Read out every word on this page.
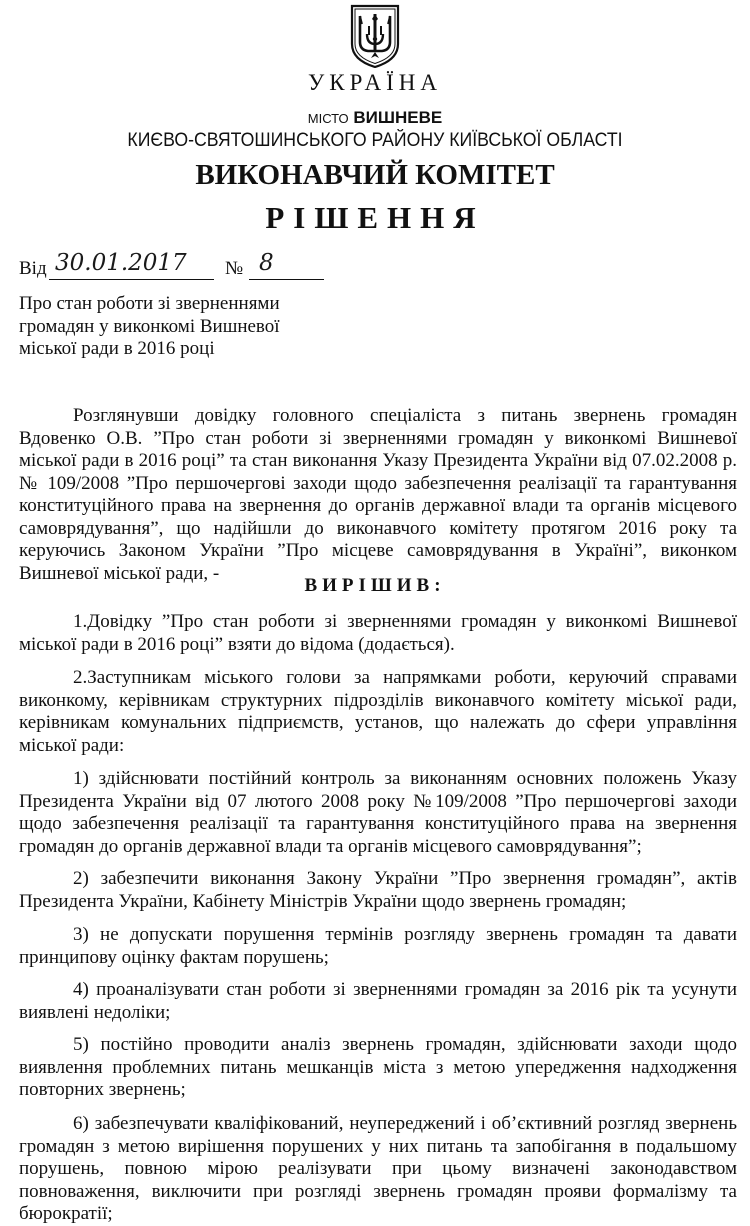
УКРАЇНА
МІСТО ВИШНЕВЕ
КИЄВО-СВЯТОШИНСЬКОГО РАЙОНУ КИЇВСЬКОЇ ОБЛАСТІ
ВИКОНАВЧИЙ КОМІТЕТ
РІШЕННЯ
Від 30.01.2017 № 8
Про стан роботи зі зверненнями громадян у виконкомі Вишневої міської ради в 2016 році
Розглянувши довідку головного спеціаліста з питань звернень громадян Вдовенко О.В. ”Про стан роботи зі зверненнями громадян у виконкомі Вишневої міської ради в 2016 році” та стан виконання Указу Президента України від 07.02.2008 р. № 109/2008 ”Про першочергові заходи щодо забезпечення реалізації та гарантування конституційного права на звернення до органів державної влади та органів місцевого самоврядування”, що надійшли до виконавчого комітету протягом 2016 року та керуючись Законом України ”Про місцеве самоврядування в Україні”, виконком Вишневої міської ради, -
ВИРІШИВ:
1.Довідку ”Про стан роботи зі зверненнями громадян у виконкомі Вишневої міської ради в 2016 році” взяти до відома (додається).
2.Заступникам міського голови за напрямками роботи, керуючий справами виконкому, керівникам структурних підрозділів виконавчого комітету міської ради, керівникам комунальних підприємств, установ, що належать до сфери управління міської ради:
1) здійснювати постійний контроль за виконанням основних положень Указу Президента України від 07 лютого 2008 року №109/2008 ”Про першочергові заходи щодо забезпечення реалізації та гарантування конституційного права на звернення громадян до органів державної влади та органів місцевого самоврядування”;
2) забезпечити виконання Закону України ”Про звернення громадян”, актів Президента України, Кабінету Міністрів України щодо звернень громадян;
3) не допускати порушення термінів розгляду звернень громадян та давати принципову оцінку фактам порушень;
4) проаналізувати стан роботи зі зверненнями громадян за 2016 рік та усунути виявлені недоліки;
5) постійно проводити аналіз звернень громадян, здійснювати заходи щодо виявлення проблемних питань мешканців міста з метою упередження надходження повторних звернень;
6) забезпечувати кваліфікований, неупереджений і об’єктивний розгляд звернень громадян з метою вирішення порушених у них питань та запобігання в подальшому порушень, повною мірою реалізувати при цьому визначені законодавством повноваження, виключити при розгляді звернень громадян прояви формалізму та бюрократії;
